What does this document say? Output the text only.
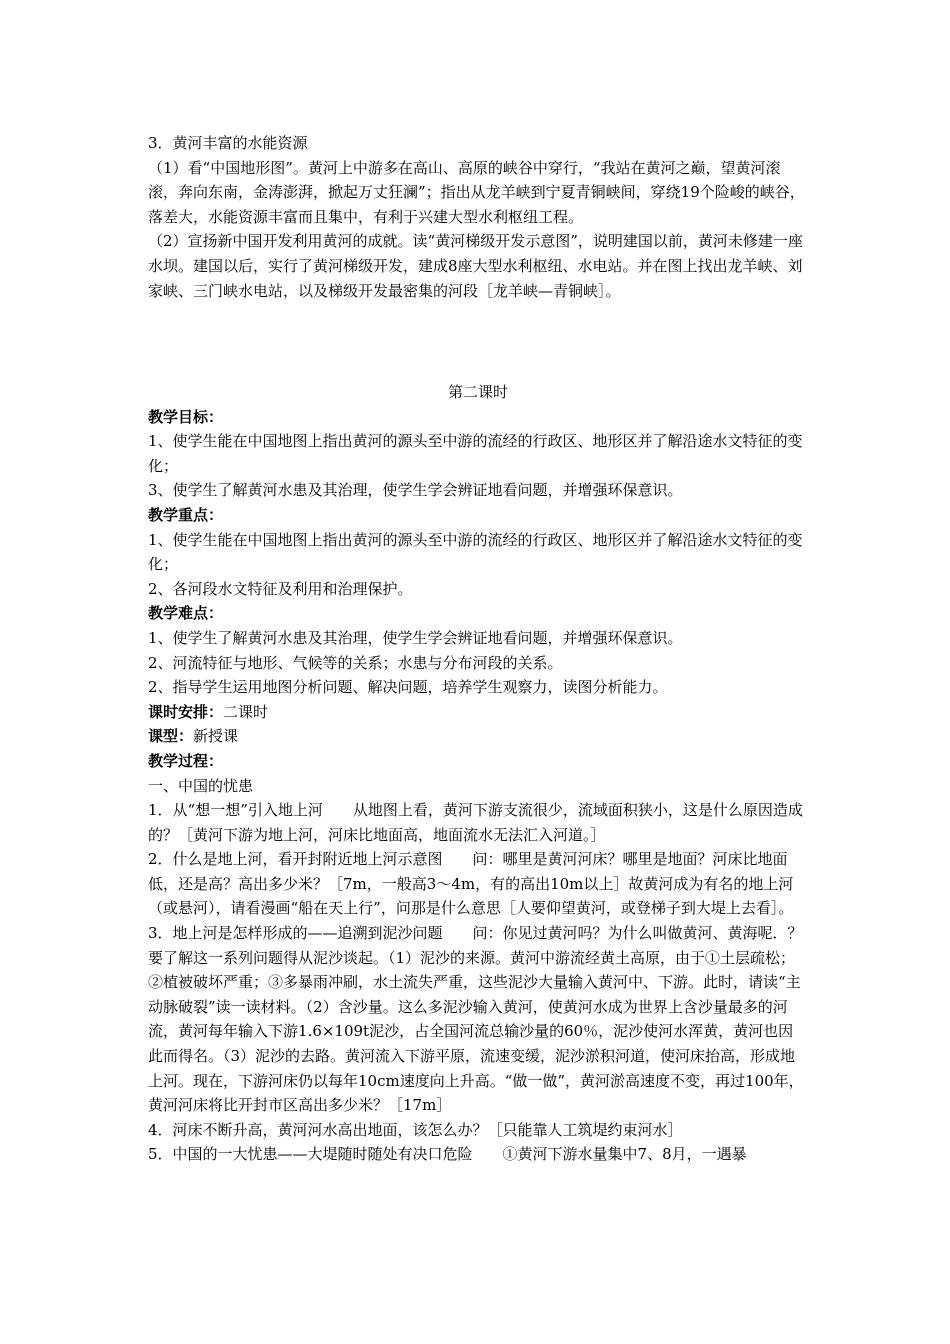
3．黄河丰富的水能资源

（1）看“中国地形图”。黄河上中游多在高山、高原的峡谷中穿行，“我站在黄河之巅，望黄河滚滚，奔向东南，金涛澎湃，掀起万丈狂澜”；指出从龙羊峡到宁夏青铜峡间，穿绕19个险峻的峡谷，落差大，水能资源丰富而且集中，有利于兴建大型水利枢纽工程。

（2）宣扬新中国开发利用黄河的成就。读“黄河梯级开发示意图”，说明建国以前，黄河未修建一座水坝。建国以后，实行了黄河梯级开发，建成8座大型水利枢纽、水电站。并在图上找出龙羊峡、刘家峡、三门峡水电站，以及梯级开发最密集的河段［龙羊峡—青铜峡］。

第二课时

教学目标：

1、使学生能在中国地图上指出黄河的源头至中游的流经的行政区、地形区并了解沿途水文特征的变化；

3、使学生了解黄河水患及其治理，使学生学会辨证地看问题，并增强环保意识。

教学重点：

1、使学生能在中国地图上指出黄河的源头至中游的流经的行政区、地形区并了解沿途水文特征的变化；

2、各河段水文特征及利用和治理保护。

教学难点：

1、使学生了解黄河水患及其治理，使学生学会辨证地看问题，并增强环保意识。

2、河流特征与地形、气候等的关系；水患与分布河段的关系。

2、指导学生运用地图分析问题、解决问题，培养学生观察力，读图分析能力。

课时安排：二课时

课型：新授课

教学过程：

一、中国的忧患

1．从“想一想”引入地上河　　从地图上看，黄河下游支流很少，流域面积狭小，这是什么原因造成的？［黄河下游为地上河，河床比地面高，地面流水无法汇入河道。］

2．什么是地上河，看开封附近地上河示意图　　问：哪里是黄河河床？哪里是地面？河床比地面低，还是高？高出多少米？［7m，一般高3～4m，有的高出10m以上］故黄河成为有名的地上河（或悬河），请看漫画“船在天上行”，问那是什么意思［人要仰望黄河，或登梯子到大堤上去看］。

3．地上河是怎样形成的——追溯到泥沙问题　　问：你见过黄河吗？为什么叫做黄河、黄海呢．？要了解这一系列问题得从泥沙谈起。（1）泥沙的来源。黄河中游流经黄土高原，由于①土层疏松；②植被破坏严重；③多暴雨冲刷，水土流失严重，这些泥沙大量输入黄河中、下游。此时，请读“主动脉破裂”读一读材料。（2）含沙量。这么多泥沙输入黄河，使黄河水成为世界上含沙量最多的河流，黄河每年输入下游1.6×109t泥沙，占全国河流总输沙量的60％，泥沙使河水浑黄，黄河也因此而得名。（3）泥沙的去路。黄河流入下游平原，流速变缓，泥沙淤积河道，使河床抬高，形成地上河。现在，下游河床仍以每年10cm速度向上升高。“做一做”，黄河淤高速度不变，再过100年，黄河河床将比开封市区高出多少米？［17m］

4．河床不断升高，黄河河水高出地面，该怎么办？［只能靠人工筑堤约束河水］

5．中国的一大忧患——大堤随时随处有决口危险　　①黄河下游水量集中7、8月，一遇暴
